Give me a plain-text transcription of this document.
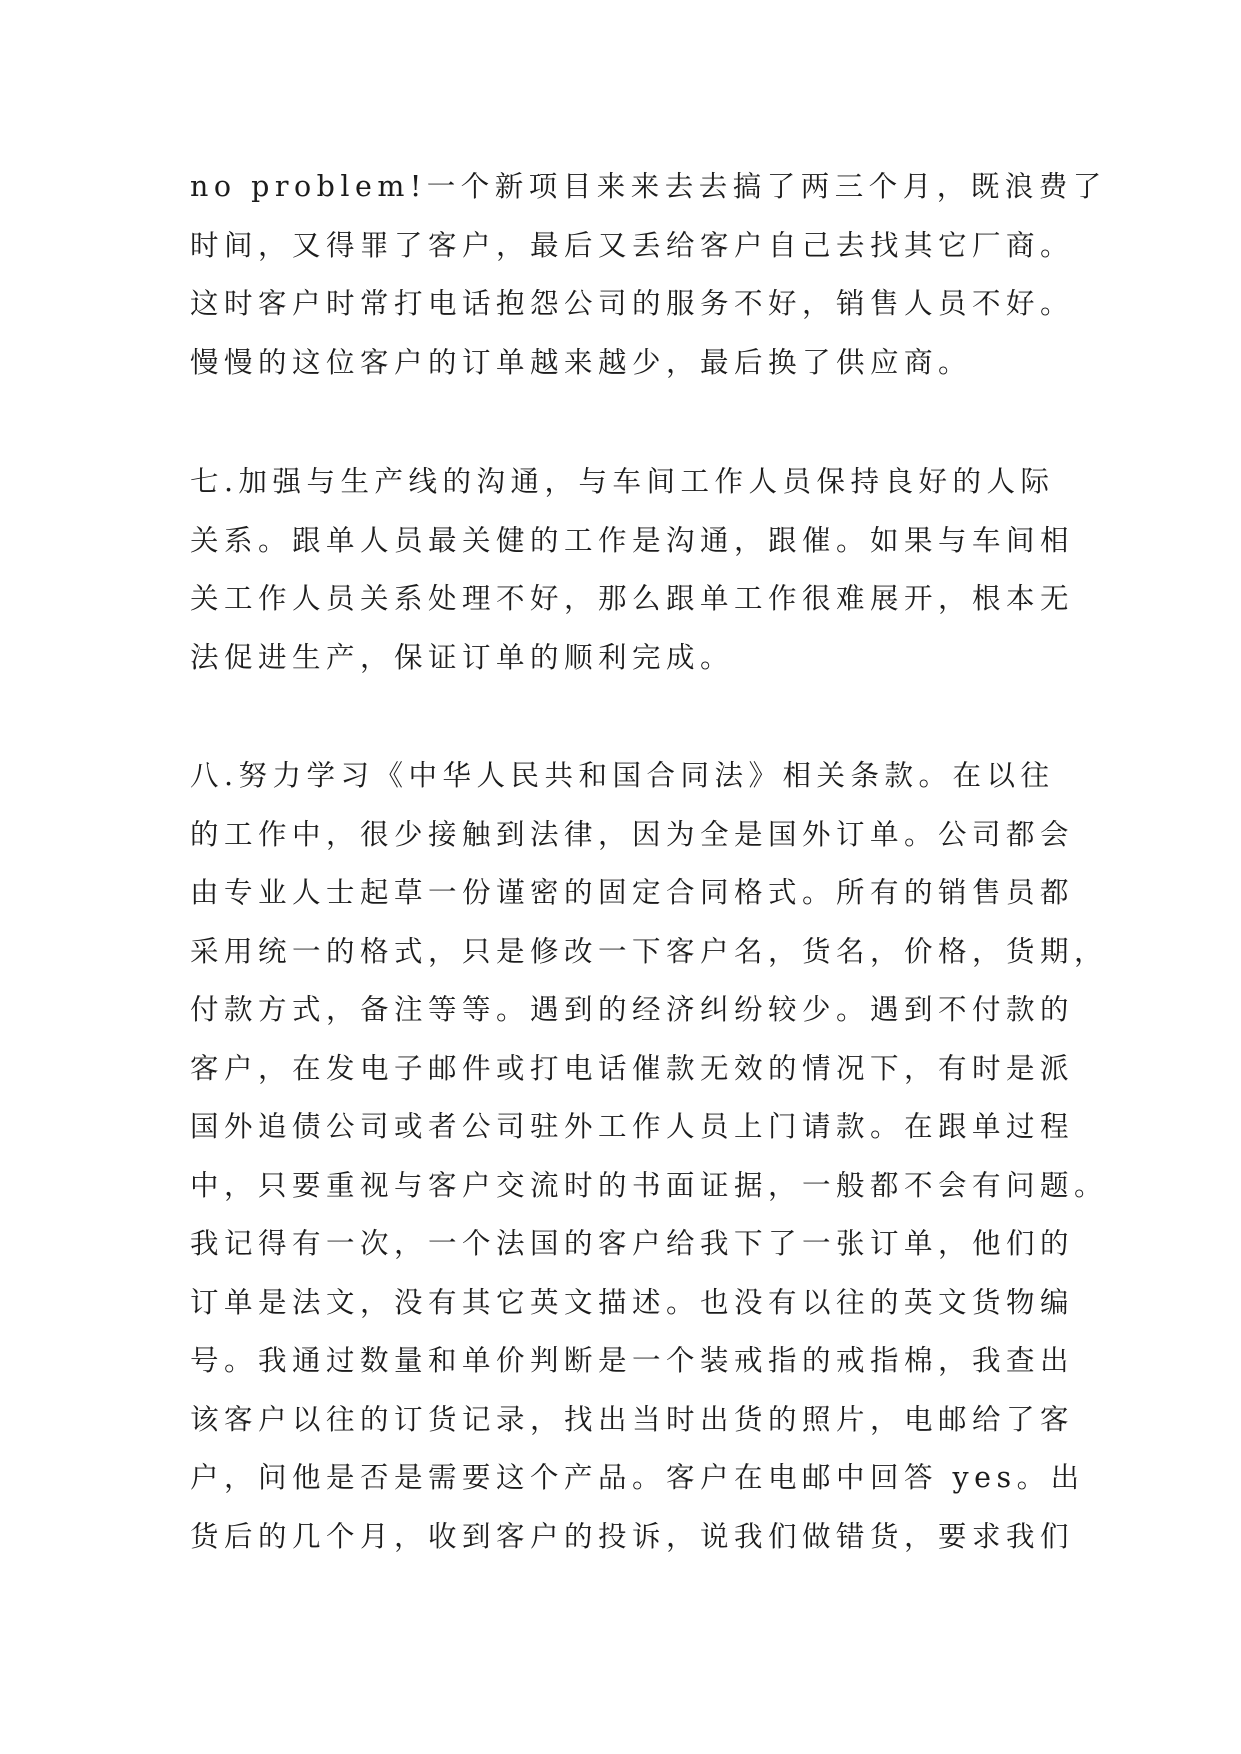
no problem!一个新项目来来去去搞了两三个月，既浪费了
时间，又得罪了客户，最后又丢给客户自己去找其它厂商。
这时客户时常打电话抱怨公司的服务不好，销售人员不好。
慢慢的这位客户的订单越来越少，最后换了供应商。
七.加强与生产线的沟通，与车间工作人员保持良好的人际
关系。跟单人员最关健的工作是沟通，跟催。如果与车间相
关工作人员关系处理不好，那么跟单工作很难展开，根本无
法促进生产，保证订单的顺利完成。
八.努力学习《中华人民共和国合同法》相关条款。在以往
的工作中，很少接触到法律，因为全是国外订单。公司都会
由专业人士起草一份谨密的固定合同格式。所有的销售员都
采用统一的格式，只是修改一下客户名，货名，价格，货期，
付款方式，备注等等。遇到的经济纠纷较少。遇到不付款的
客户，在发电子邮件或打电话催款无效的情况下，有时是派
国外追债公司或者公司驻外工作人员上门请款。在跟单过程
中，只要重视与客户交流时的书面证据，一般都不会有问题。
我记得有一次，一个法国的客户给我下了一张订单，他们的
订单是法文，没有其它英文描述。也没有以往的英文货物编
号。我通过数量和单价判断是一个装戒指的戒指棉，我查出
该客户以往的订货记录，找出当时出货的照片，电邮给了客
户，问他是否是需要这个产品。客户在电邮中回答 yes。出
货后的几个月，收到客户的投诉，说我们做错货，要求我们
